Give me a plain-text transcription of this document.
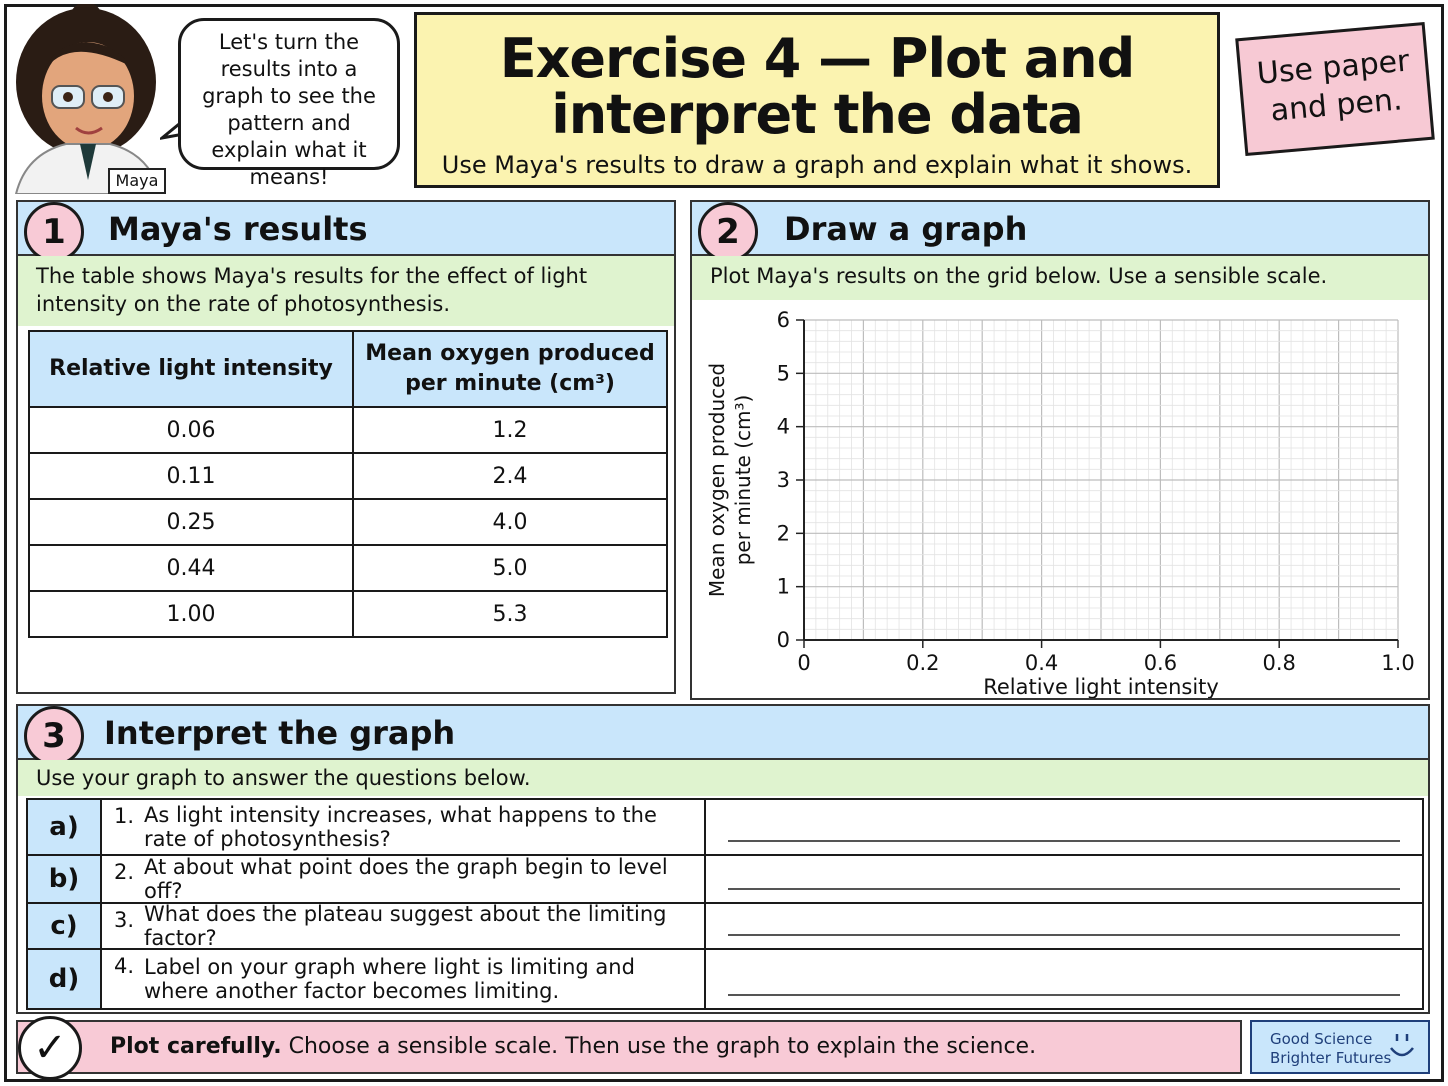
Maya
Let's turn the results into a graph to see the pattern and explain what it means!
Exercise 4 — Plot and interpret the data
Use Maya's results to draw a graph and explain what it shows.
Use paper and pen.
1	Maya's results
The table shows Maya's results for the effect of light intensity on the rate of photosynthesis.
Relative light intensity	Mean oxygen produced per minute (cm³)
0.06	1.2
0.11	2.4
0.25	4.0
0.44	5.0
1.00	5.3
2	Draw a graph
Plot Maya's results on the grid below. Use a sensible scale.
0
1
2
3
4
5
6
0	0.2	0.4	0.6	0.8	1.0
Relative light intensity
Mean oxygen produced per minute (cm³)
3	Interpret the graph
Use your graph to answer the questions below.
a)	1. As light intensity increases, what happens to the rate of photosynthesis?
b)	2. At about what point does the graph begin to level off?
c)	3. What does the plateau suggest about the limiting factor?
d)	4. Label on your graph where light is limiting and where another factor becomes limiting.
Plot carefully. Choose a sensible scale. Then use the graph to explain the science.
✓	Good Science
Brighter Futures
